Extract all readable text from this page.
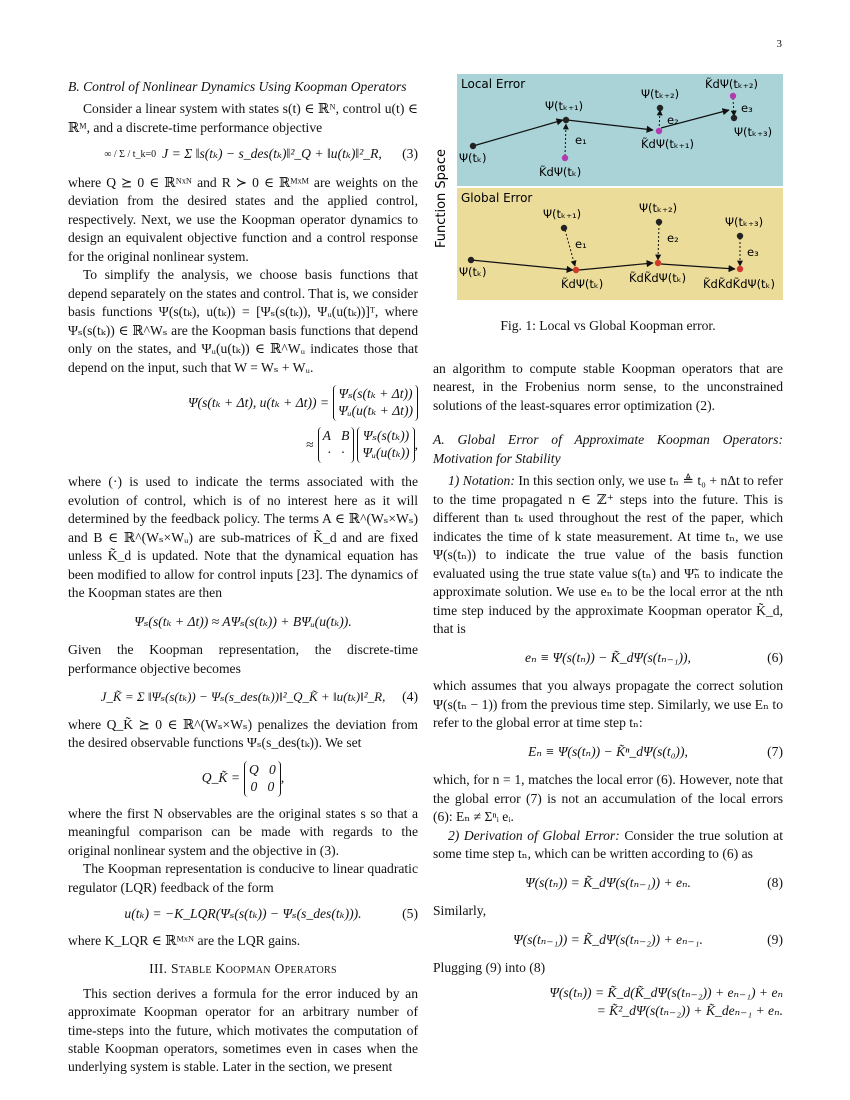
3

B. Control of Nonlinear Dynamics Using Koopman Operators

Consider a linear system with states s(t) ∈ ℝᴺ, control u(t) ∈ ℝᴹ, and a discrete-time performance objective

∞ / Σ / t_k=0 J = Σ ‖s(tₖ) − s_des(tₖ)‖²_Q + ‖u(tₖ)‖²_R, (3)

where Q ⪰ 0 ∈ ℝᴺˣᴺ and R ≻ 0 ∈ ℝᴹˣᴹ are weights on the deviation from the desired states and the applied control, respectively. Next, we use the Koopman operator dynamics to design an equivalent objective function and a control response for the original nonlinear system.

To simplify the analysis, we choose basis functions that depend separately on the states and control. That is, we consider basis functions Ψ(s(tₖ), u(tₖ)) = [Ψₛ(s(tₖ)), Ψᵤ(u(tₖ))]ᵀ, where Ψₛ(s(tₖ)) ∈ ℝ^Wₛ are the Koopman basis functions that depend only on the states, and Ψᵤ(u(tₖ)) ∈ ℝ^Wᵤ indicates those that depend on the input, such that W = Wₛ + Wᵤ.

Ψ(s(tₖ + Δt), u(tₖ + Δt)) =
Ψₛ(s(tₖ + Δt))
Ψᵤ(u(tₖ + Δt))
≈
A B
· ·
Ψₛ(s(tₖ))
Ψᵤ(u(tₖ))
,

where (·) is used to indicate the terms associated with the evolution of control, which is of no interest here as it will determined by the feedback policy. The terms A ∈ ℝ^(Wₛ×Wₛ) and B ∈ ℝ^(Wₛ×Wᵤ) are sub-matrices of K̃_d and are fixed unless K̃_d is updated. Note that the dynamical equation has been modified to allow for control inputs [23]. The dynamics of the Koopman states are then

Ψₛ(s(tₖ + Δt)) ≈ AΨₛ(s(tₖ)) + BΨᵤ(u(tₖ)).

Given the Koopman representation, the discrete-time performance objective becomes

J_K̃ = Σ ‖Ψₛ(s(tₖ)) − Ψₛ(s_des(tₖ))‖²_Q_K̃ + ‖u(tₖ)‖²_R, (4)

where Q_K̃ ⪰ 0 ∈ ℝ^(Wₛ×Wₛ) penalizes the deviation from the desired observable functions Ψₛ(s_des(tₖ)). We set

Q_K̃ =
Q 0
0 0
,

where the first N observables are the original states s so that a meaningful comparison can be made with regards to the original nonlinear system and the objective in (3).

The Koopman representation is conducive to linear quadratic regulator (LQR) feedback of the form

u(tₖ) = −K_LQR(Ψₛ(s(tₖ)) − Ψₛ(s_des(tₖ))).	(5)

where K_LQR ∈ ℝᴹˣᴺ are the LQR gains.

III. Stable Koopman Operators

This section derives a formula for the error induced by an approximate Koopman operator for an arbitrary number of time-steps into the future, which motivates the computation of stable Koopman operators, sometimes even in cases when the underlying system is stable. Later in the section, we present

Function Space
Local Error
Global Error
Ψ(tₖ)
Ψ(tₖ₊₁)
Ψ(tₖ₊₂)
Ψ(tₖ₊₃)
K̃dΨ(tₖ)
K̃dΨ(tₖ₊₁)
K̃dΨ(tₖ₊₂)
e₁
e₂
e₃
Ψ(tₖ)
Ψ(tₖ₊₁)	Ψ(tₖ₊₂)
Ψ(tₖ₊₃)
K̃dΨ(tₖ) K̃dK̃dΨ(tₖ) K̃dK̃dK̃dΨ(tₖ)
e₁	e₂
e₃

Fig. 1: Local vs Global Koopman error.

an algorithm to compute stable Koopman operators that are nearest, in the Frobenius norm sense, to the unconstrained solutions of the least-squares error optimization (2).

A. Global Error of Approximate Koopman Operators: Motivation for Stability

1) Notation: In this section only, we use tₙ ≜ t₀ + nΔt to refer to the time propagated n ∈ ℤ⁺ steps into the future. This is different than tₖ used throughout the rest of the paper, which indicates the time of k state measurement. At time tₙ, we use Ψ(s(tₙ)) to indicate the true value of the basis function evaluated using the true state value s(tₙ) and Ψ̃ₙ to indicate the approximate solution. We use eₙ to be the local error at the nth time step induced by the approximate Koopman operator K̃_d, that is

eₙ ≡ Ψ(s(tₙ)) − K̃_dΨ(s(tₙ₋₁)),	(6)

which assumes that you always propagate the correct solution Ψ(s(tₙ − 1)) from the previous time step. Similarly, we use Eₙ to refer to the global error at time step tₙ:

Eₙ ≡ Ψ(s(tₙ)) − K̃ⁿ_dΨ(s(t₀)),	(7)

which, for n = 1, matches the local error (6). However, note that the global error (7) is not an accumulation of the local errors (6): Eₙ ≠ Σⁿᵢ eᵢ.

2) Derivation of Global Error: Consider the true solution at some time step tₙ, which can be written according to (6) as

Ψ(s(tₙ)) = K̃_dΨ(s(tₙ₋₁)) + eₙ.	(8)

Similarly,

Ψ(s(tₙ₋₁)) = K̃_dΨ(s(tₙ₋₂)) + eₙ₋₁.	(9)

Plugging (9) into (8)

Ψ(s(tₙ)) = K̃_d(K̃_dΨ(s(tₙ₋₂)) + eₙ₋₁) + eₙ
= K̃²_dΨ(s(tₙ₋₂)) + K̃_deₙ₋₁ + eₙ.
